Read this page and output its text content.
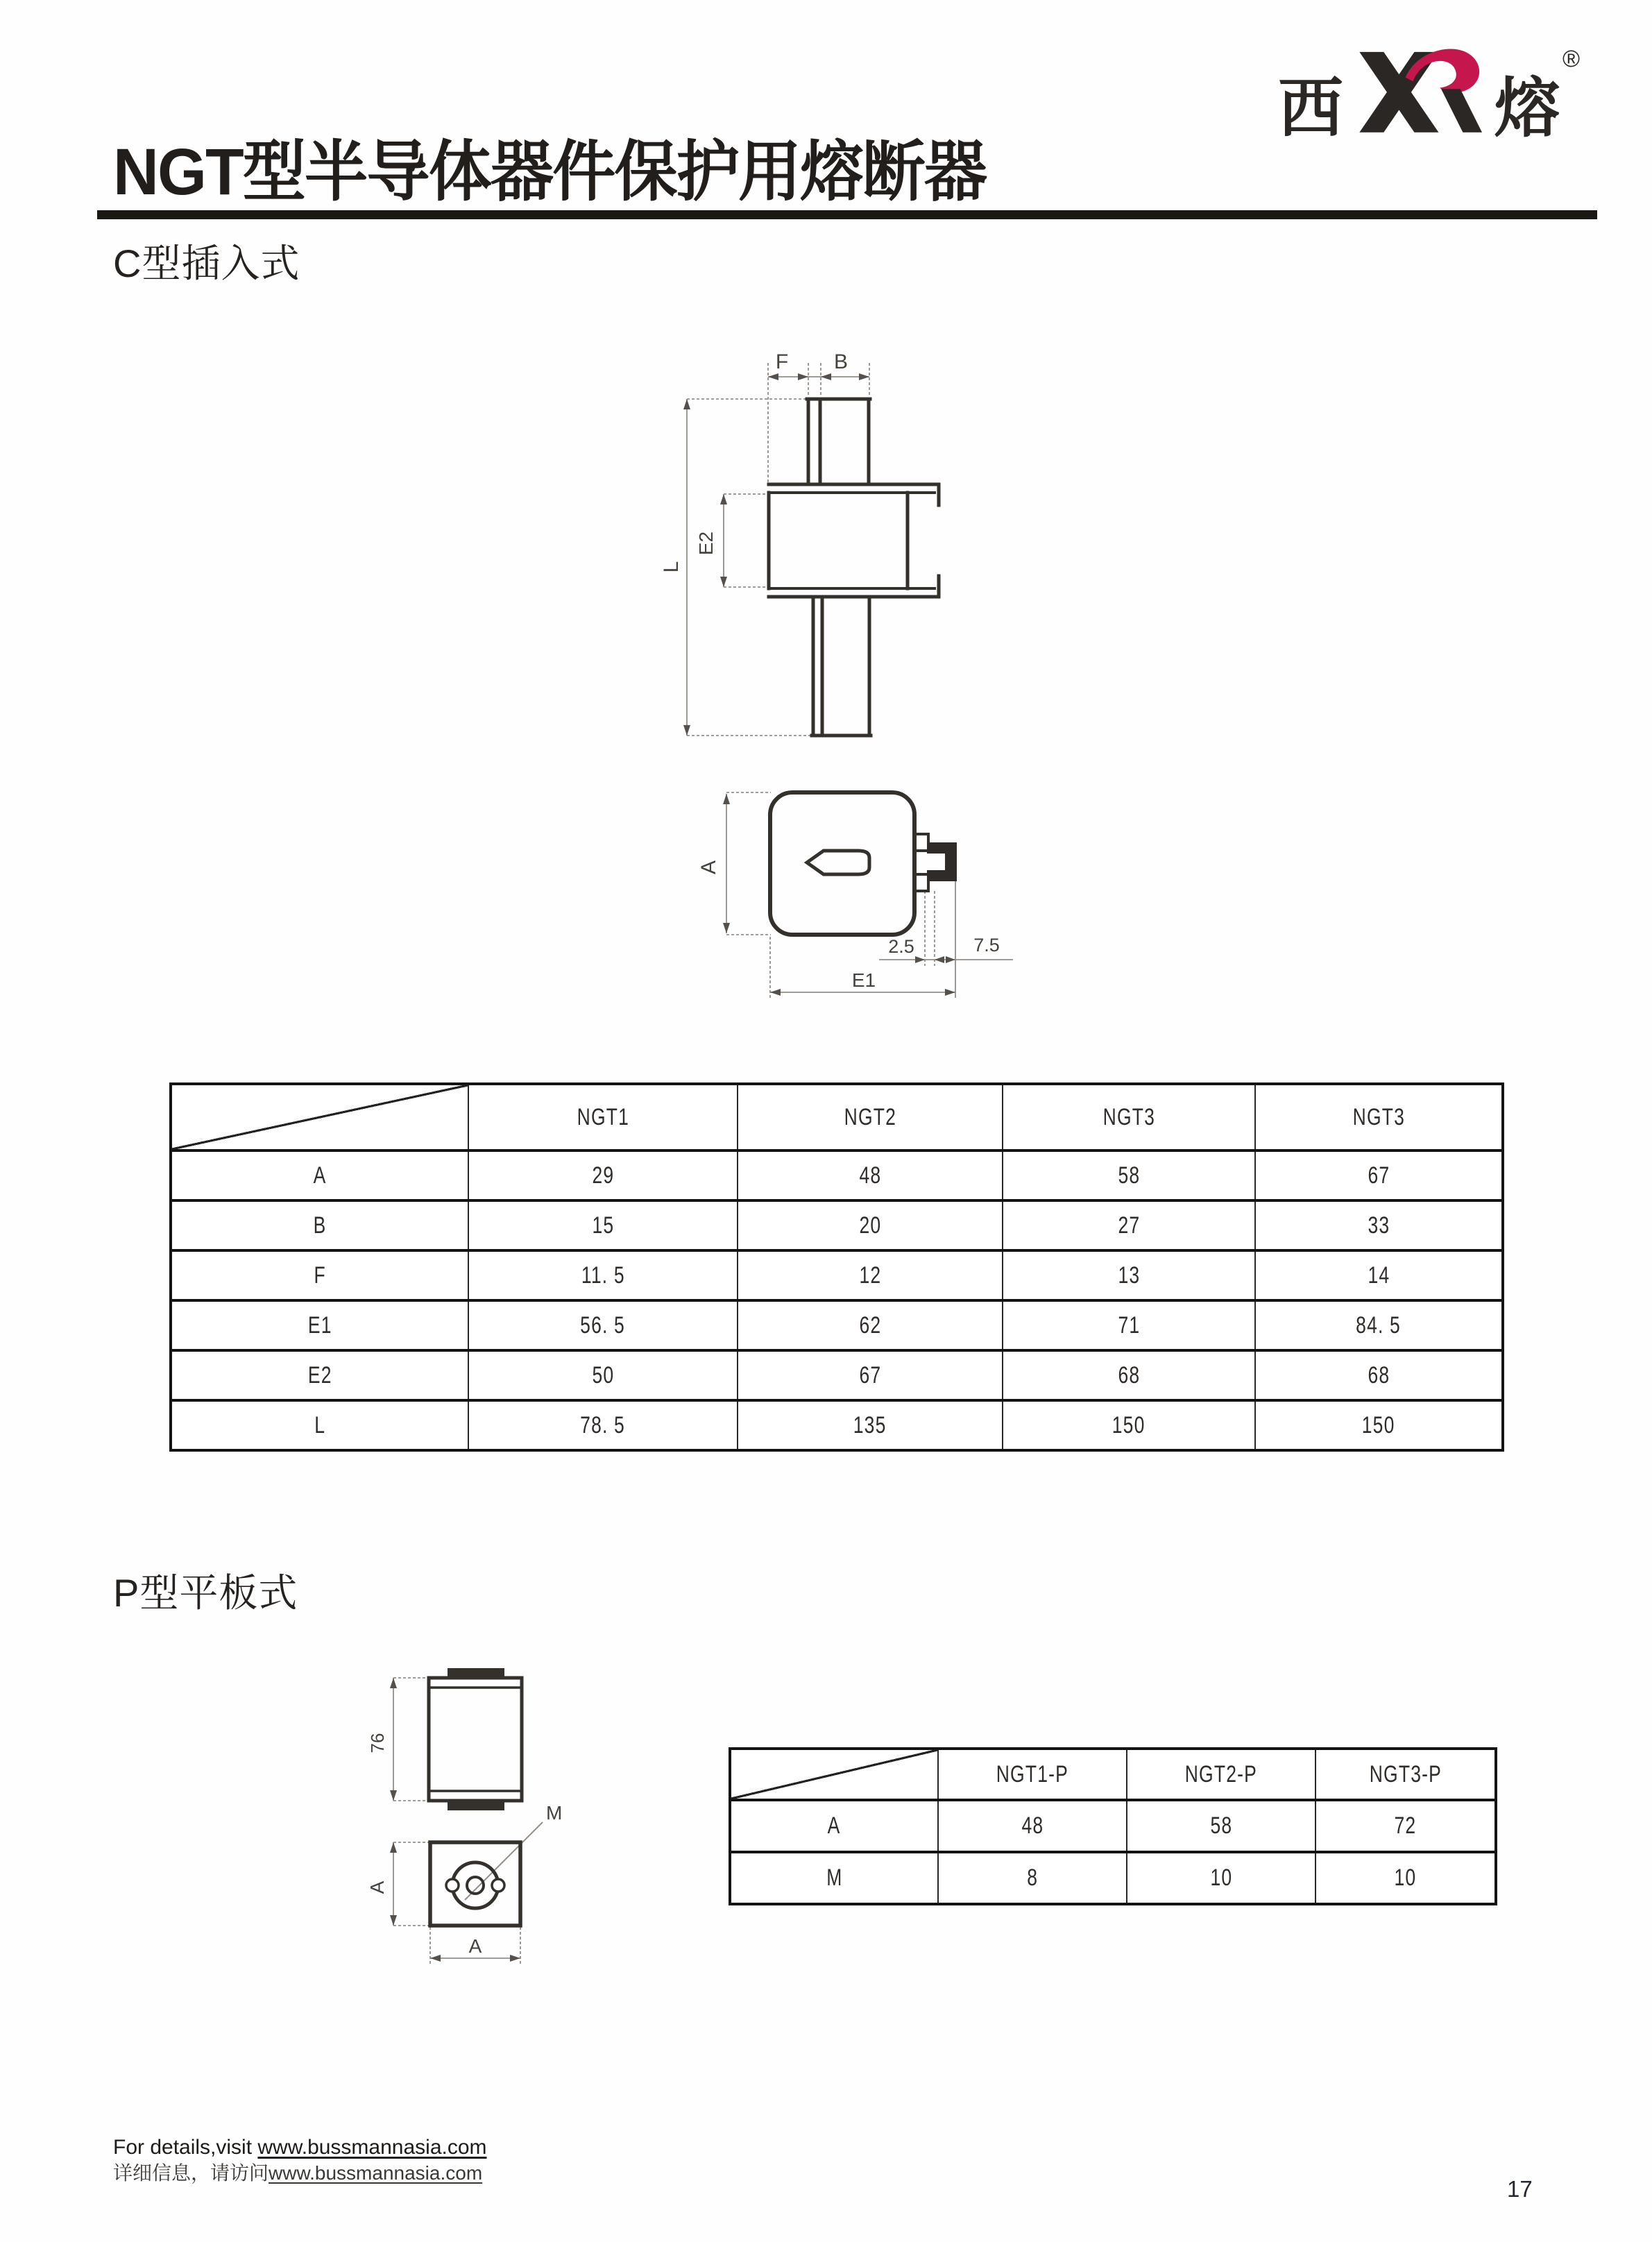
西 熔
®
NGT型半导体器件保护用熔断器
C型插入式
F B
L
E2
A
2.5	7.5
E1
	NGT1	NGT2	NGT3	NGT3
A	29	48	58	67
B	15	20	27	33
F	11. 5	12	13	14
E1	56. 5	62	71	84. 5
E2	50	67	68	68
L	78. 5	135	150	150
P型平板式
76
A
A
M
	NGT1-P	NGT2-P	NGT3-P
A	48	58	72
M	8	10	10
For details,visit www.bussmannasia.com
详细信息，请访问www.bussmannasia.com
17
